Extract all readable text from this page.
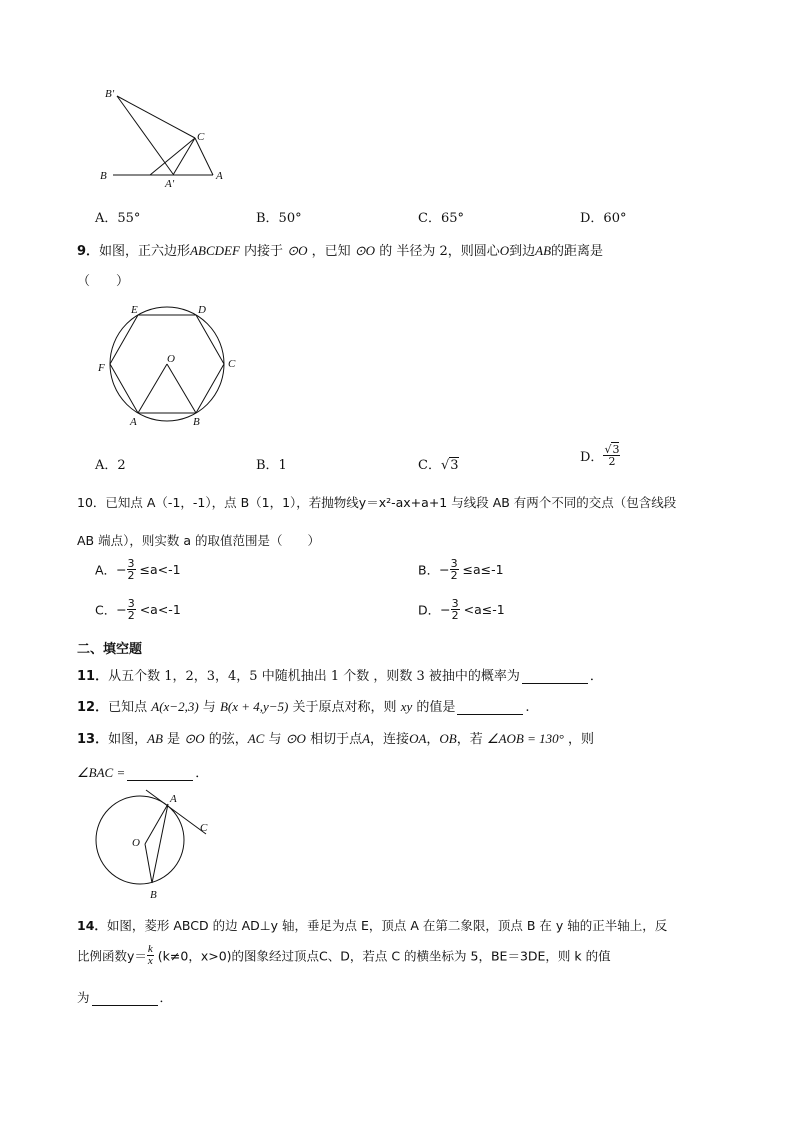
B′
C
B
A′
A
A．55°	B．50°	C．65°	D．60°
9．如图，正六边形ABCDEF 内接于 ⊙O ，已知 ⊙O 的 半径为 2，则圆心O到边AB的距离是
（　　）
E	D
F	C
O
A	B
A．2	B．1	C．√3
D． $\frac{√3}{2}$
10．已知点 A（-1，-1），点 B（1，1），若抛物线y＝x²-ax+a+1 与线段 AB 有两个不同的交点（包含线段
AB 端点），则实数 a 的取值范围是（　　）
A．− $\frac{3}{2} \le a<-1$	B．− $\frac{3}{2} \le a\le-1$
C．− $\frac{3}{2} <a<-1$	D．− $\frac{3}{2} <a\le-1$
二、填空题
11．从五个数 1，2，3，4，5 中随机抽出 1 个数 ，则数 3 被抽中的概率为	．
12．已知点 A(x−2,3) 与 B(x + 4,y−5) 关于原点对称，则 xy 的值是	.
13．如图，AB 是 ⊙O 的弦，AC 与 ⊙O 相切于点A，连接OA，OB，若 ∠AOB = 130° ，则
∠BAC =	．
A
C
O
B
14．如图，菱形 ABCD 的边 AD⊥y 轴，垂足为点 E，顶点 A 在第二象限，顶点 B 在 y 轴的正半轴上，反
比例函数$y= \frac{k}{x} (k\ne 0$，x>0)的图象经过顶点C、D，若点 C 的横坐标为 5，BE＝3DE，则 k 的值
为	．
